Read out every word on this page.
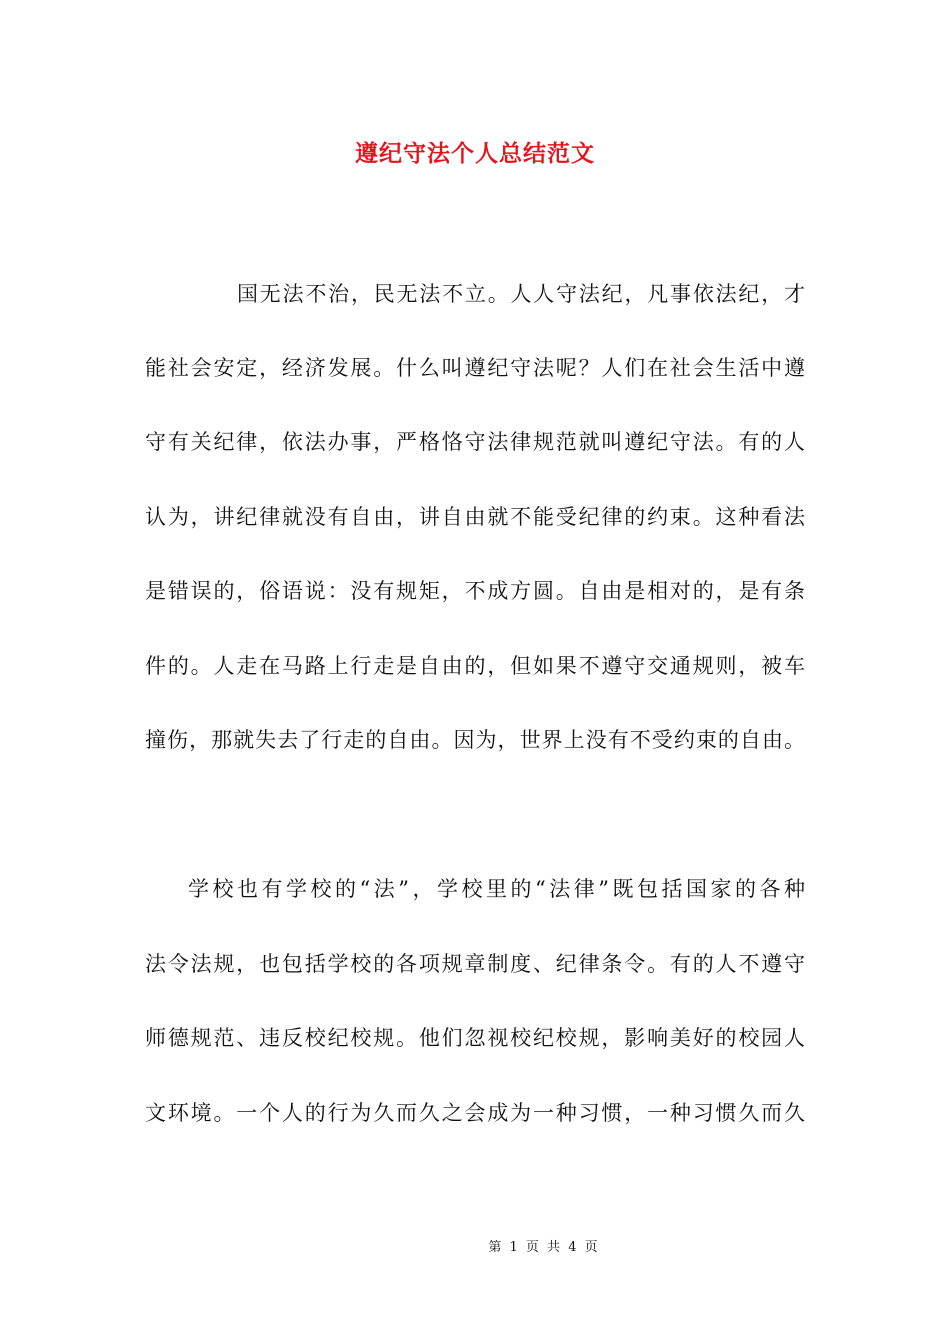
遵纪守法个人总结范文
国无法不治，民无法不立。人人守法纪，凡事依法纪，才
能社会安定，经济发展。什么叫遵纪守法呢？人们在社会生活中遵
守有关纪律，依法办事，严格恪守法律规范就叫遵纪守法。有的人
认为，讲纪律就没有自由，讲自由就不能受纪律的约束。这种看法
是错误的，俗语说：没有规矩，不成方圆。自由是相对的，是有条
件的。人走在马路上行走是自由的，但如果不遵守交通规则，被车
撞伤，那就失去了行走的自由。因为，世界上没有不受约束的自由。
学校也有学校的“法”，学校里的“法律”既包括国家的各种
法令法规，也包括学校的各项规章制度、纪律条令。有的人不遵守
师德规范、违反校纪校规。他们忽视校纪校规，影响美好的校园人
文环境。一个人的行为久而久之会成为一种习惯，一种习惯久而久
第 1 页 共 4 页
